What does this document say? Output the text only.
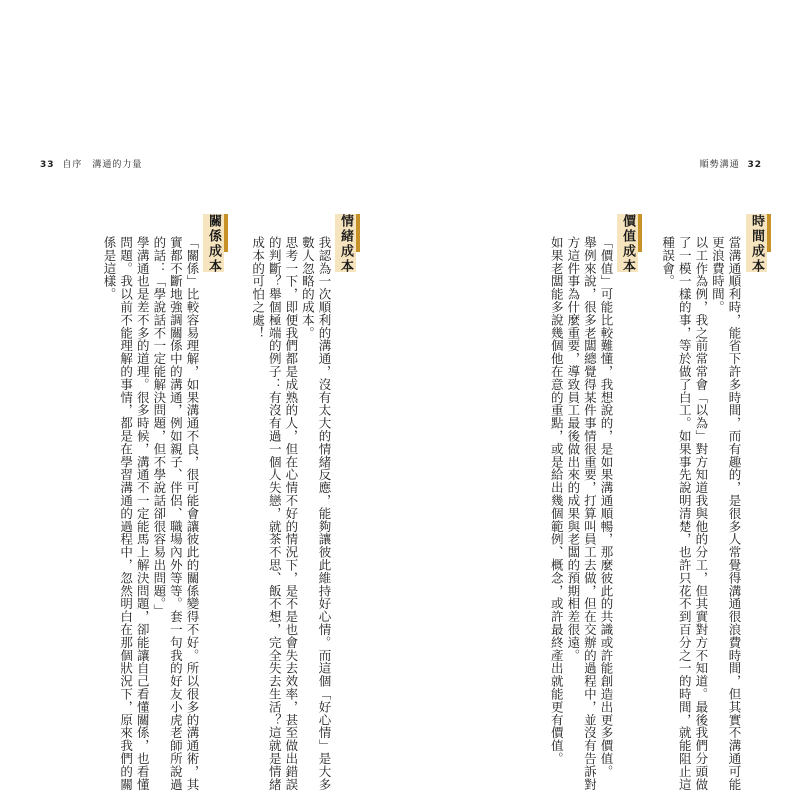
33 自序　溝通的力量	順勢溝通 32
時間成本
當溝通順利時，能省下許多時間，而有趣的，是很多人常覺得溝通很浪費時間，但其實不溝通可能更浪費時間。
以工作為例，我之前常常會「以為」對方知道我與他的分工，但其實對方不知道。最後我們分頭做了一模一樣的事，等於做了白工。如果事先說明清楚，也許只花不到百分之一的時間，就能阻止這種誤會。
價值成本
「價值」可能比較難懂，我想說的，是如果溝通順暢，那麼彼此的共識或許能創造出更多價值。
舉例來說，很多老闆總覺得某件事情很重要，打算叫員工去做，但在交辦的過程中，並沒有告訴對方這件事為什麼重要，導致員工最後做出來的成果與老闆的預期相差很遠。
如果老闆能多說幾個他在意的重點，或是給出幾個範例、概念，或許最終產出就能更有價值。
情緒成本
我認為一次順利的溝通，沒有太大的情緒反應，能夠讓彼此維持好心情。而這個「好心情」是大多數人忽略的成本。
思考一下，即便我們都是成熟的人，但在心情不好的情況下，是不是也會失去效率，甚至做出錯誤的判斷？舉個極端的例子：有沒有過一個人失戀，就茶不思、飯不想，完全失去生活？這就是情緒成本的可怕之處！
關係成本
「關係」比較容易理解，如果溝通不良，很可能會讓彼此的關係變得不好。所以很多的溝通術，其實都不斷地強調關係中的溝通，例如親子、伴侶、職場內外等等。套一句我的好友小虎老師所說過的話：「學說話不一定能解決問題，但不學說話卻很容易出問題。」
學溝通也是差不多的道理。很多時候，溝通不一定能馬上解決問題，卻能讓自己看懂關係，也看懂問題。我以前不能理解的事情，都是在學習溝通的過程中，忽然明白在那個狀況下，原來我們的關係是這樣。
